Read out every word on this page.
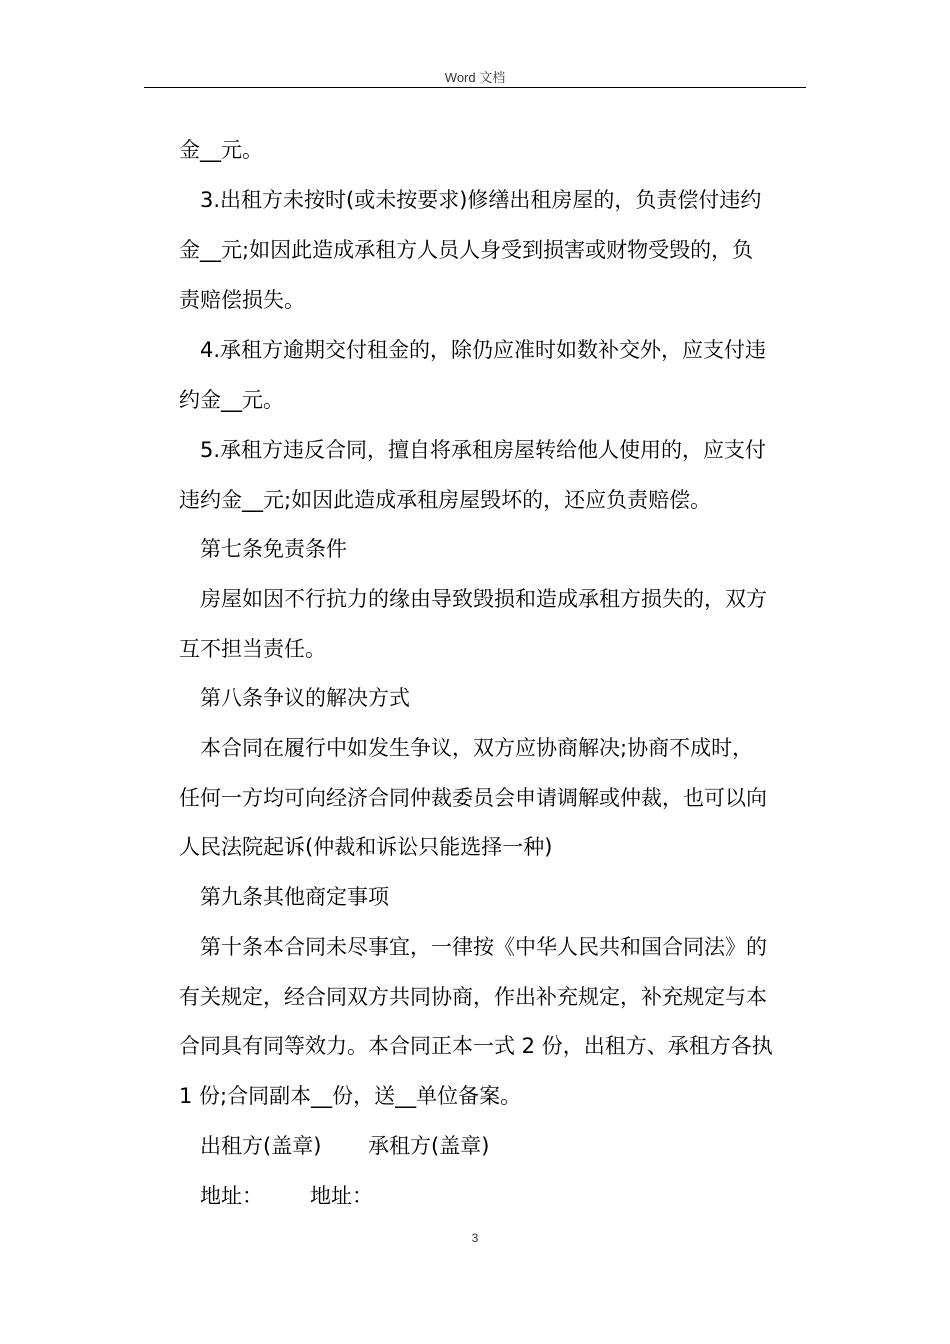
Word 文档
金__元。
3.出租方未按时(或未按要求)修缮出租房屋的，负责偿付违约
金__元;如因此造成承租方人员人身受到损害或财物受毁的，负
责赔偿损失。
4.承租方逾期交付租金的，除仍应准时如数补交外，应支付违
约金__元。
5.承租方违反合同，擅自将承租房屋转给他人使用的，应支付
违约金__元;如因此造成承租房屋毁坏的，还应负责赔偿。
第七条免责条件
房屋如因不行抗力的缘由导致毁损和造成承租方损失的，双方
互不担当责任。
第八条争议的解决方式
本合同在履行中如发生争议，双方应协商解决;协商不成时，
任何一方均可向经济合同仲裁委员会申请调解或仲裁，也可以向
人民法院起诉(仲裁和诉讼只能选择一种)
第九条其他商定事项
第十条本合同未尽事宜，一律按《中华人民共和国合同法》的
有关规定，经合同双方共同协商，作出补充规定，补充规定与本
合同具有同等效力。本合同正本一式 2 份，出租方、承租方各执
1 份;合同副本__份，送__单位备案。
出租方(盖章) 承租方(盖章)
地址： 地址：
3
